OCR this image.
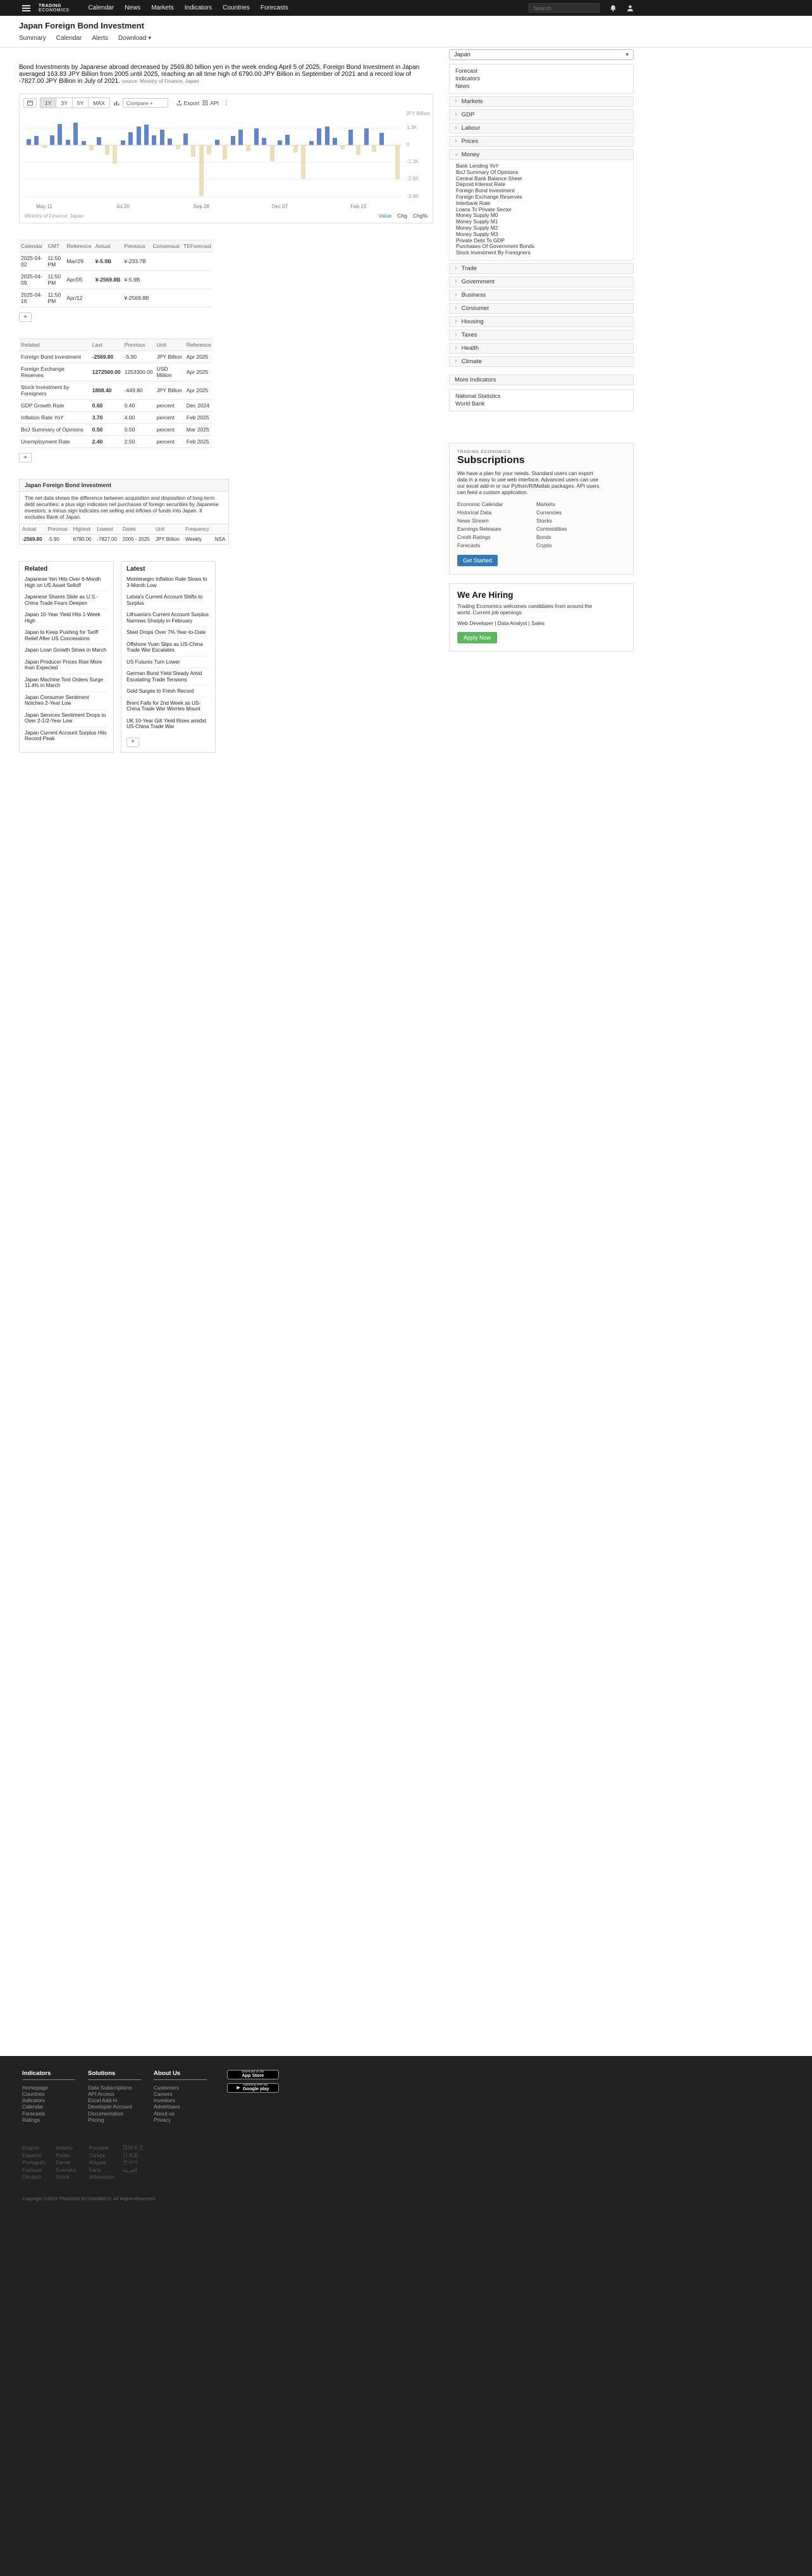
TRADING
ECONOMICS	Calendar News Markets Indicators Countries Forecasts
Search
Japan Foreign Bond Investment
Summary Calendar Alerts Download ▾

Bond Investments by Japanese abroad decreased by 2569.80 billion yen in the week ending April 5 of 2025. Foreign Bond Investment in Japan averaged 163.83 JPY Billion from 2005 until 2025, reaching an all time high of 6790.00 JPY Billion in September of 2021 and a record low of -7827.00 JPY Billion in July of 2021. source: Ministry of Finance, Japan

1Y	3Y	5Y	MAX	Compare +	Export API ⋮
JPY Billion
1.3K
0
-1.3K
-2.6K
-3.9K
May 11	Jul 20	Sep 28	Dec 07	Feb 15
Ministry of Finance, Japan	Value Chg Chg%
Calendar	GMT	Reference	Actual	Previous	Consensus	TEForecast
2025-04-02	11:50 PM	Mar/29	¥-5.9B	¥-233.7B		
2025-04-09	11:50 PM	Apr/05	¥-2569.8B	¥-5.9B		
2025-04-16	11:50 PM	Apr/12		¥-2569.8B		
+
Related	Last	Previous	Unit	Reference
Foreign Bond Investment	-2569.80	-5.90	JPY Billion	Apr 2025
Foreign Exchange Reserves	1272500.00	1253300.00	USD Million	Apr 2025
Stock Investment by Foreigners	1808.40	-449.80	JPY Billion	Apr 2025
GDP Growth Rate	0.60	0.40	percent	Dec 2024
Inflation Rate YoY	3.70	4.00	percent	Feb 2025
BoJ Summary of Opinions	0.50	0.50	percent	Mar 2025
Unemployment Rate	2.40	2.50	percent	Feb 2025
+
Japan Foreign Bond Investment
The net data shows the difference between acquisition and disposition of long-term debt securities: a plus sign indicates net purchases of foreign securities by Japanese investors; a minus sign indicates net selling and inflows of funds into Japan. It excludes Bank of Japan.
Actual	Previous	Highest	Lowest	Dates	Unit	Frequency	
-2569.80	-5.90	6790.00	-7827.00	2005 - 2025	JPY Billion	Weekly	NSA
Related
Japanese Yen Hits Over 6-Month High on US Asset Selloff
Japanese Shares Slide as U.S.-China Trade Fears Deepen
Japan 10-Year Yield Hits 1-Week High
Japan to Keep Pushing for Tariff Relief After US Concessions
Japan Loan Growth Slows in March
Japan Producer Prices Rise More than Expected
Japan Machine Tool Orders Surge 11.4% in March
Japan Consumer Sentiment Notches 2-Year Low
Japan Services Sentiment Drops to Over 2-1/2-Year Low
Japan Current Account Surplus Hits Record Peak
Latest
Montenegro Inflation Rate Slows to 3-Month Low
Latvia's Current Account Shifts to Surplus
Lithuania's Current Account Surplus Narrows Sharply in February
Steel Drops Over 7% Year-to-Date
Offshore Yuan Slips as US-China Trade War Escalates
US Futures Turn Lower
German Bund Yield Steady Amid Escalating Trade Tensions
Gold Surges to Fresh Record
Brent Falls for 2nd Week as US-China Trade War Worries Mount
UK 10-Year Gilt Yield Rises amidst US-China Trade War
+
Japan	▾
Forecast
Indicators
News
› Markets
› GDP
› Labour
› Prices
› Money
Bank Lending YoY
BoJ Summary Of Opinions
Central Bank Balance Sheet
Deposit Interest Rate
Foreign Bond Investment
Foreign Exchange Reserves
Interbank Rate
Loans To Private Sector
Money Supply M0
Money Supply M1
Money Supply M2
Money Supply M3
Private Debt To GDP
Purchases Of Government Bonds
Stock Investment By Foreigners
› Trade
› Government
› Business
› Consumer
› Housing
› Taxes
› Health
› Climate
More Indicators
National Statistics
World Bank
TRADING ECONOMICS
Subscriptions
We have a plan for your needs. Standard users can export data in a easy to use web interface. Advanced users can use our excel add-in or our Python/R/Matlab packages. API users can feed a custom application.
Economic Calendar	Markets
Historical Data	Currencies
News Stream	Stocks
Earnings Releases	Commodities
Credit Ratings	Bonds
Forecasts	Crypto
Get Started
We Are Hiring
Trading Economics welcomes candidates from around the world. Current job openings:
Web Developer | Data Analyst | Sales
Apply Now
Indicators
Homepage
Countries
Indicators
Calendar
Forecasts
Ratings
Solutions
Data Subscriptions
API Access
Excel Add-In
Developer Account
Documentation
Pricing
About Us
Customers
Careers
Investors
Advertisers
About us
Privacy
Download on the
App Store
▶
ANDROID APP ON
Google play
English	Italiano	Русский	简体中文
Español	Polski	Türkçe	日本語
Português	Dansk	Magyar	한국어
Français	Svenska	Farsi	العربية
Deutsch	Norsk	Indonesian
Copyright ©2025 TRADING ECONOMICS. All Rights Reserved.
